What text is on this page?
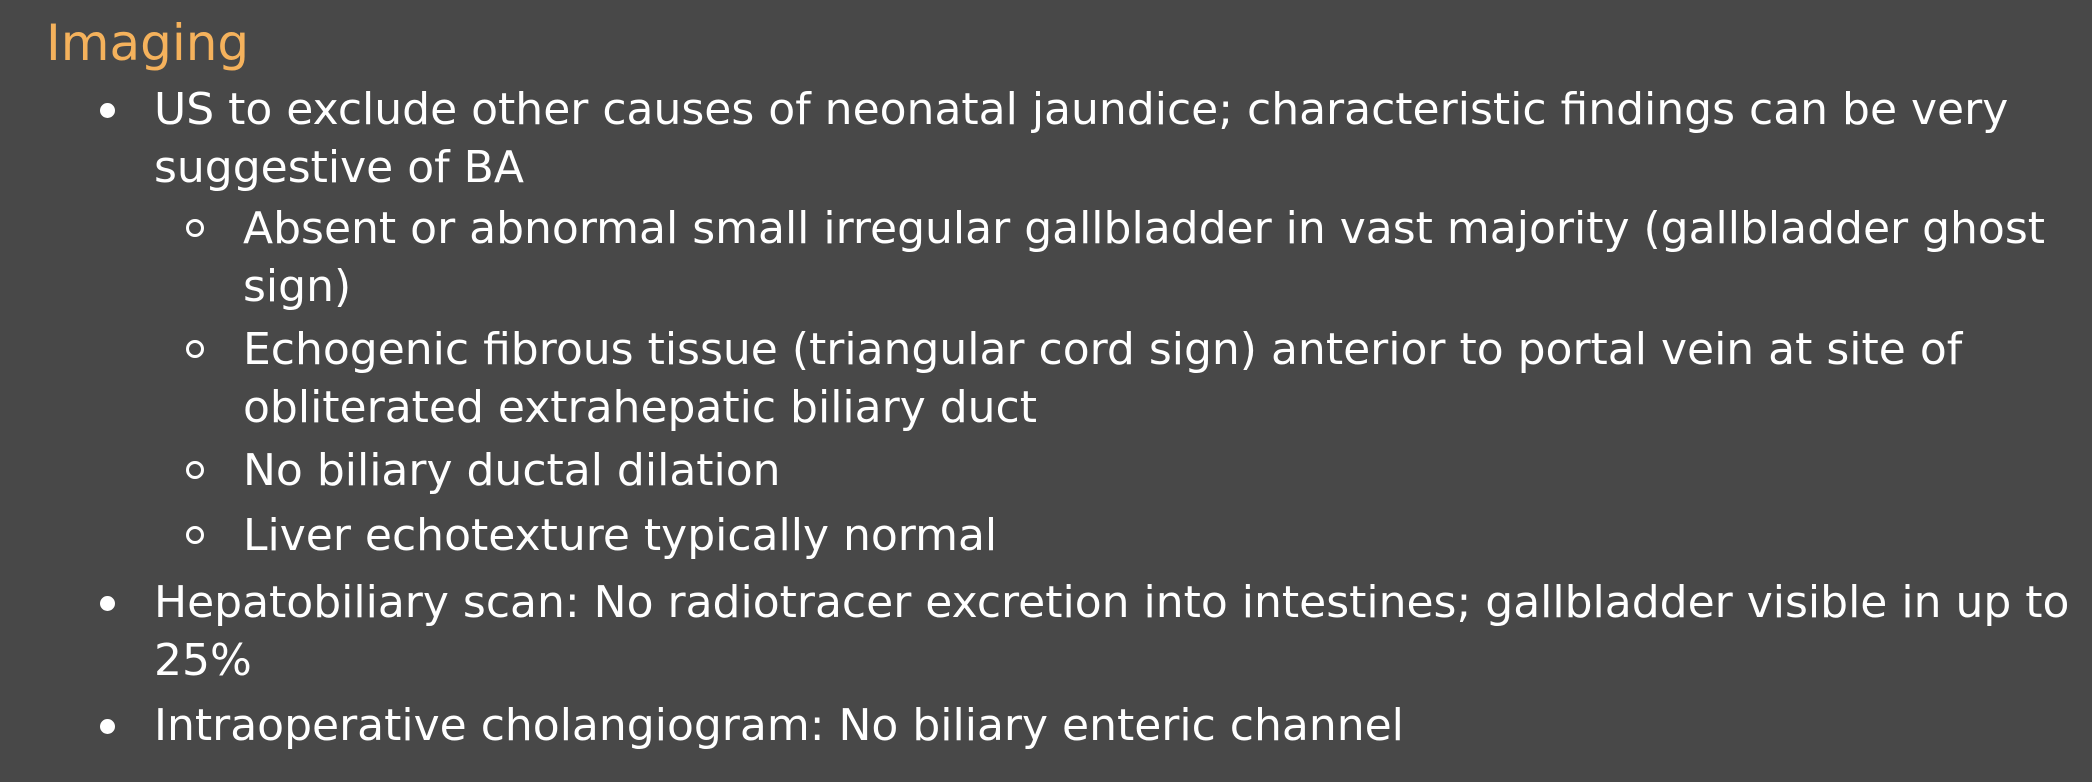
Imaging

US to exclude other causes of neonatal jaundice; characteristic findings can be very

suggestive of BA

Absent or abnormal small irregular gallbladder in vast majority (gallbladder ghost

sign)

Echogenic fibrous tissue (triangular cord sign) anterior to portal vein at site of

obliterated extrahepatic biliary duct

No biliary ductal dilation

Liver echotexture typically normal

Hepatobiliary scan: No radiotracer excretion into intestines; gallbladder visible in up to

25%

Intraoperative cholangiogram: No biliary enteric channel
